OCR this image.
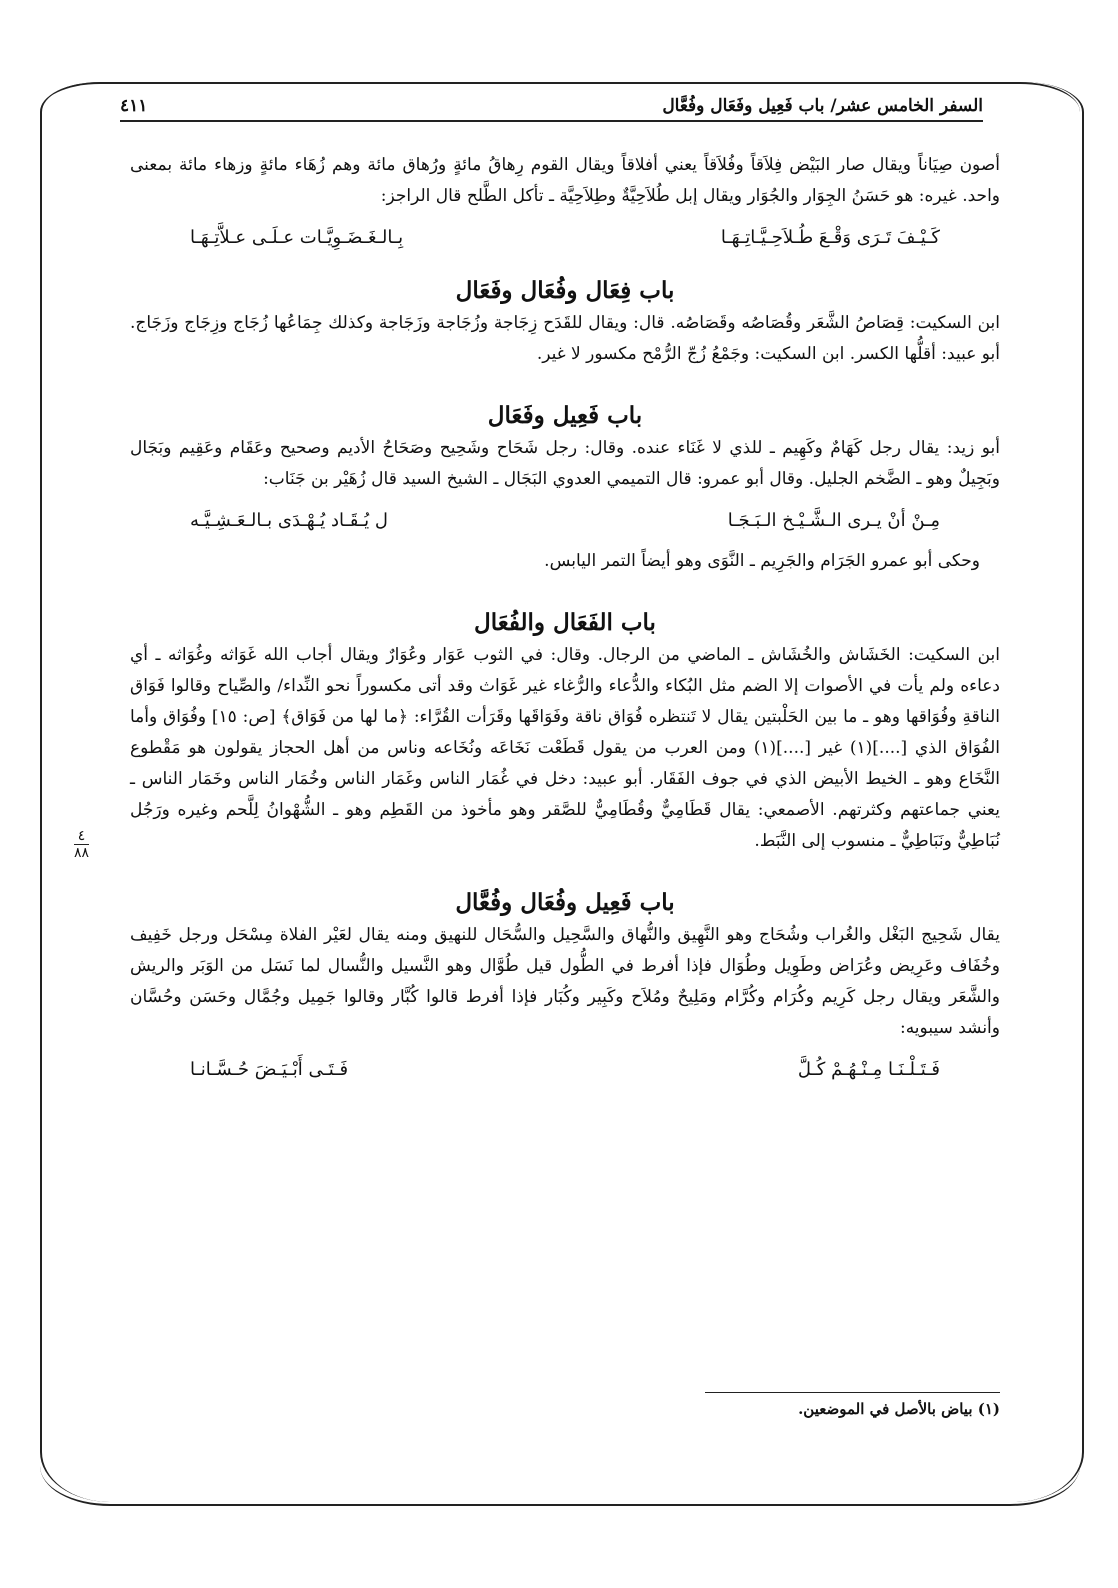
السفر الخامس عشر/ باب فَعِيل وفَعَال وفُعَّال
٤١١
٤
٨٨

أصون صِيَاناً ويقال صار البَيْض فِلاَقاً وفُلاَقاً يعني أفلاقاً ويقال القوم رِهاقُ مائةٍ ورُهاق مائة وهم زُهَاء مائةٍ وزهاء مائة بمعنى واحد. غيره: هو حَسَنُ الجِوَار والجُوَار ويقال إبل طُلاَحِيَّةٌ وطِلاَحِيَّة ـ تأكل الطَّلح قال الراجز:

كَـيْـفَ تَـرَى وَقْـعَ طُـلاَحِـيَّـاتِـهَـا
بِـالـغَـضَـوِيَّـات عـلَـى عـلاَّتِـهَـا
باب فِعَال وفُعَال وفَعَال

ابن السكيت: قِصَاصُ الشَّعَر وقُصَاصُه وقَصَاصُه. قال: ويقال للقَدَح زِجَاجة وزُجَاجة وزَجَاجة وكذلك جِمَاعُها زُجَاج وزِجَاج وزَجَاج. أبو عبيد: أقلُّها الكسر. ابن السكيت: وجَمْعُ زُجّ الرُّمْح مكسور لا غير.

باب فَعِيل وفَعَال

أبو زيد: يقال رجل كَهَامٌ وكَهِيم ـ للذي لا غَنَاء عنده. وقال: رجل شَحَاح وشَحِيح وصَحَاحُ الأديم وصحيح وعَقَام وعَقِيم وبَجَال وبَجِيلٌ وهو ـ الضَّخم الجليل. وقال أبو عمرو: قال التميمي العدوي البَجَال ـ الشيخ السيد قال زُهَيْر بن جَنَاب:

مِـنْ أنْ يـرى الـشَّـيْـخ الـبَـجَـا
ل يُـقَـاد يُـهْـدَى بـالـعَـشِـيَّـه

وحكى أبو عمرو الجَرَام والجَرِيم ـ النَّوَى وهو أيضاً التمر اليابس.

باب الفَعَال والفُعَال

ابن السكيت: الخَشَاش والخُشَاش ـ الماضي من الرجال. وقال: في الثوب عَوَار وعُوَارٌ ويقال أجاب الله غَوَاثه وغُوَاثه ـ أي دعاءه ولم يأت في الأصوات إلا الضم مثل البُكاء والدُّعاء والرُّغاء غير غَوَاث وقد أتى مكسوراً نحو النِّداء/ والصِّياح وقالوا فَوَاق الناقةِ وفُوَاقها وهو ـ ما بين الحَلْبتين يقال لا تَنتظره فُوَاق ناقة وفَوَاقَها وقَرَأت القُرَّاء: ﴿ما لها من فَوَاق﴾ [ص: ١٥] وفُوَاق وأما الفُوَاق الذي [....](١) غير [....](١) ومن العرب من يقول قَطَعْت نَخَاعَه ونُخَاعه وناس من أهل الحجاز يقولون هو مَقْطوع النَّخَاع وهو ـ الخيط الأبيض الذي في جوف الفَقَار. أبو عبيد: دخل في غُمَار الناس وغَمَار الناس وخُمَار الناس وخَمَار الناس ـ يعني جماعتهم وكثرتهم. الأصمعي: يقال قَطَامِيٌّ وقُطَامِيٌّ للصَّقر وهو مأخوذ من القَطِم وهو ـ الشُّهْوانُ لِلَّحم وغيره ورَجُل نُبَاطِيٌّ ونَبَاطِيٌّ ـ منسوب إلى النَّبَط.

باب فَعِيل وفُعَال وفُعَّال

يقال شَحِيج البَغْل والغُراب وشُحَاج وهو النَّهِيق والنُّهاق والسَّحِيل والسُّحَال للنهيق ومنه يقال لعَيْر الفلاة مِسْحَل ورجل خَفِيف وخُفَاف وعَرِيض وعُرَاض وطَوِيل وطُوَال فإذا أفرط في الطُّول قيل طُوَّال وهو النَّسيل والنُّسال لما نَسَل من الوَبَر والريش والشَّعَر ويقال رجل كَرِيم وكُرَام وكُرَّام ومَلِيحٌ ومُلاَح وكَبِير وكُبَار فإذا أفرط قالوا كُبَّار وقالوا جَمِيل وجُمَّال وحَسَن وحُسَّان وأنشد سيبويه:

فَـتَـلْـنَـا مِـنْـهُـمْ كُـلَّ
فَـتَـى أَبْـيَـضَ حُـسَّـانـا
(١) بياض بالأصل في الموضعين.
